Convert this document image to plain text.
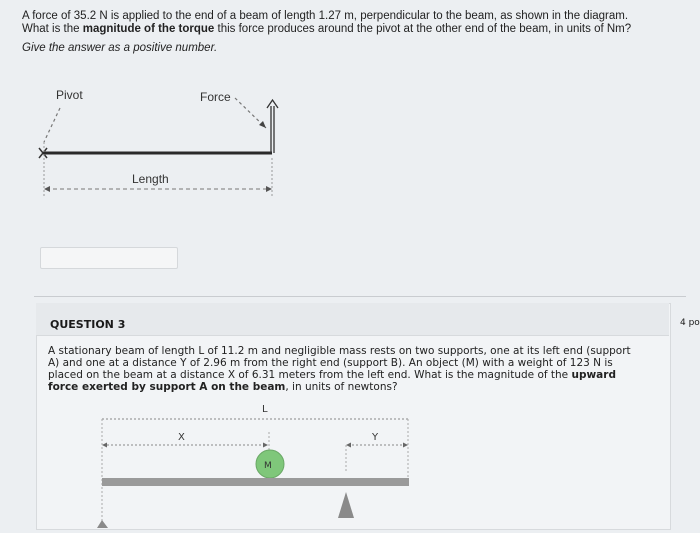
A force of 35.2 N is applied to the end of a beam of length 1.27 m, perpendicular to the beam, as shown in the diagram. What is the magnitude of the torque this force produces around the pivot at the other end of the beam, in units of Nm?

Give the answer as a positive number.

Pivot	Force
Length
QUESTION 3	4 po

A stationary beam of length L of 11.2 m and negligible mass rests on two supports, one at its left end (support A) and one at a distance Y of 2.96 m from the right end (support B). An object (M) with a weight of 123 N is placed on the beam at a distance X of 6.31 meters from the left end. What is the magnitude of the upward force exerted by support A on the beam, in units of newtons?

L
X	Y
M
